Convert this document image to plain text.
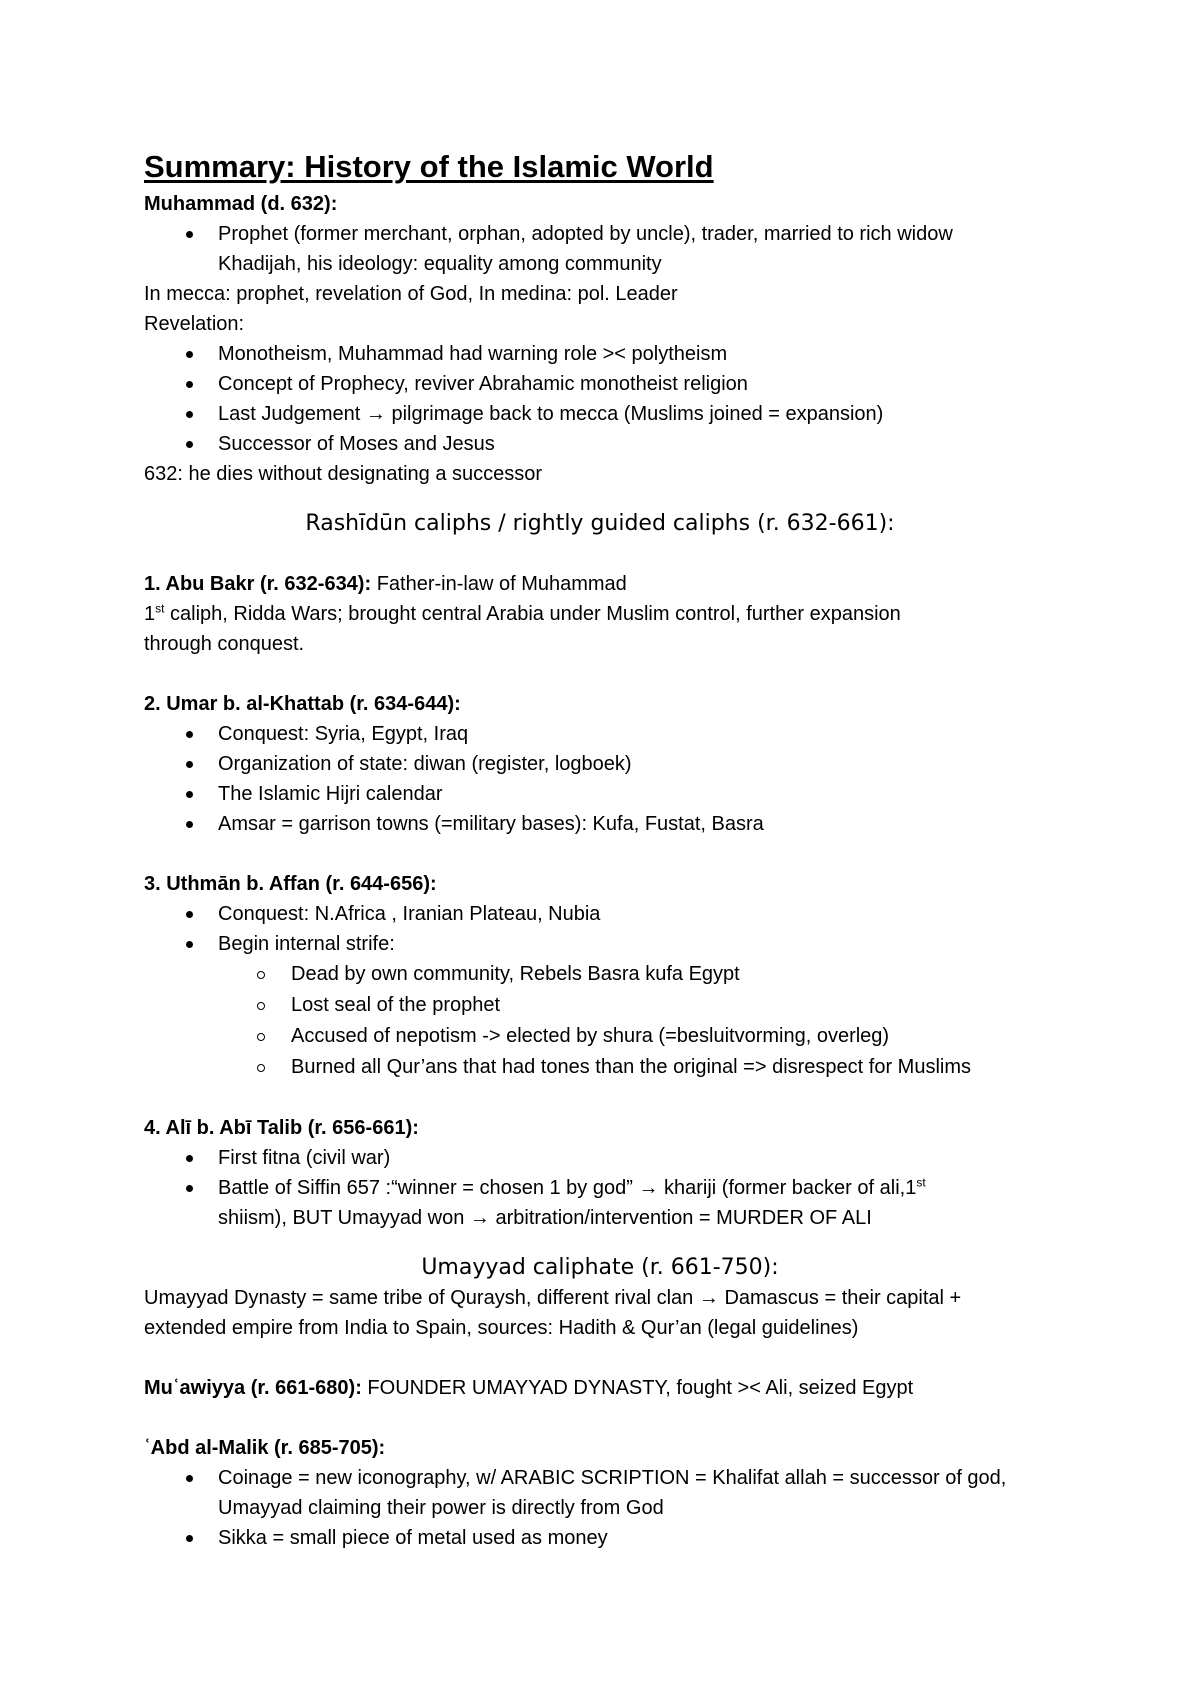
Summary: History of the Islamic World
Muhammad (d. 632):
Prophet (former merchant, orphan, adopted by uncle), trader, married to rich widow
Khadijah, his ideology: equality among community
In mecca: prophet, revelation of God, In medina: pol. Leader
Revelation:
Monotheism, Muhammad had warning role >< polytheism
Concept of Prophecy, reviver Abrahamic monotheist religion
Last Judgement → pilgrimage back to mecca (Muslims joined = expansion)
Successor of Moses and Jesus
632: he dies without designating a successor
Rashīdūn caliphs / rightly guided caliphs (r. 632-661):
1. Abu Bakr (r. 632-634): Father-in-law of Muhammad
1st caliph, Ridda Wars; brought central Arabia under Muslim control, further expansion
through conquest.
2. Umar b. al-Khattab (r. 634-644):
Conquest: Syria, Egypt, Iraq
Organization of state: diwan (register, logboek)
The Islamic Hijri calendar
Amsar = garrison towns (=military bases): Kufa, Fustat, Basra
3. Uthmān b. Affan (r. 644-656):
Conquest: N.Africa , Iranian Plateau, Nubia
Begin internal strife:
Dead by own community, Rebels Basra kufa Egypt
Lost seal of the prophet
Accused of nepotism -> elected by shura (=besluitvorming, overleg)
Burned all Qur’ans that had tones than the original => disrespect for Muslims
4. Alī b. Abī Talib (r. 656-661):
First fitna (civil war)
Battle of Siffin 657 :“winner = chosen 1 by god” → khariji (former backer of ali,1st
shiism), BUT Umayyad won → arbitration/intervention = MURDER OF ALI
Umayyad caliphate (r. 661-750):
Umayyad Dynasty = same tribe of Quraysh, different rival clan → Damascus = their capital +
extended empire from India to Spain, sources: Hadith & Qur’an (legal guidelines)
Muʿawiyya (r. 661-680): FOUNDER UMAYYAD DYNASTY, fought >< Ali, seized Egypt
ʿAbd al-Malik (r. 685-705):
Coinage = new iconography, w/ ARABIC SCRIPTION = Khalifat allah = successor of god,
Umayyad claiming their power is directly from God
Sikka = small piece of metal used as money
